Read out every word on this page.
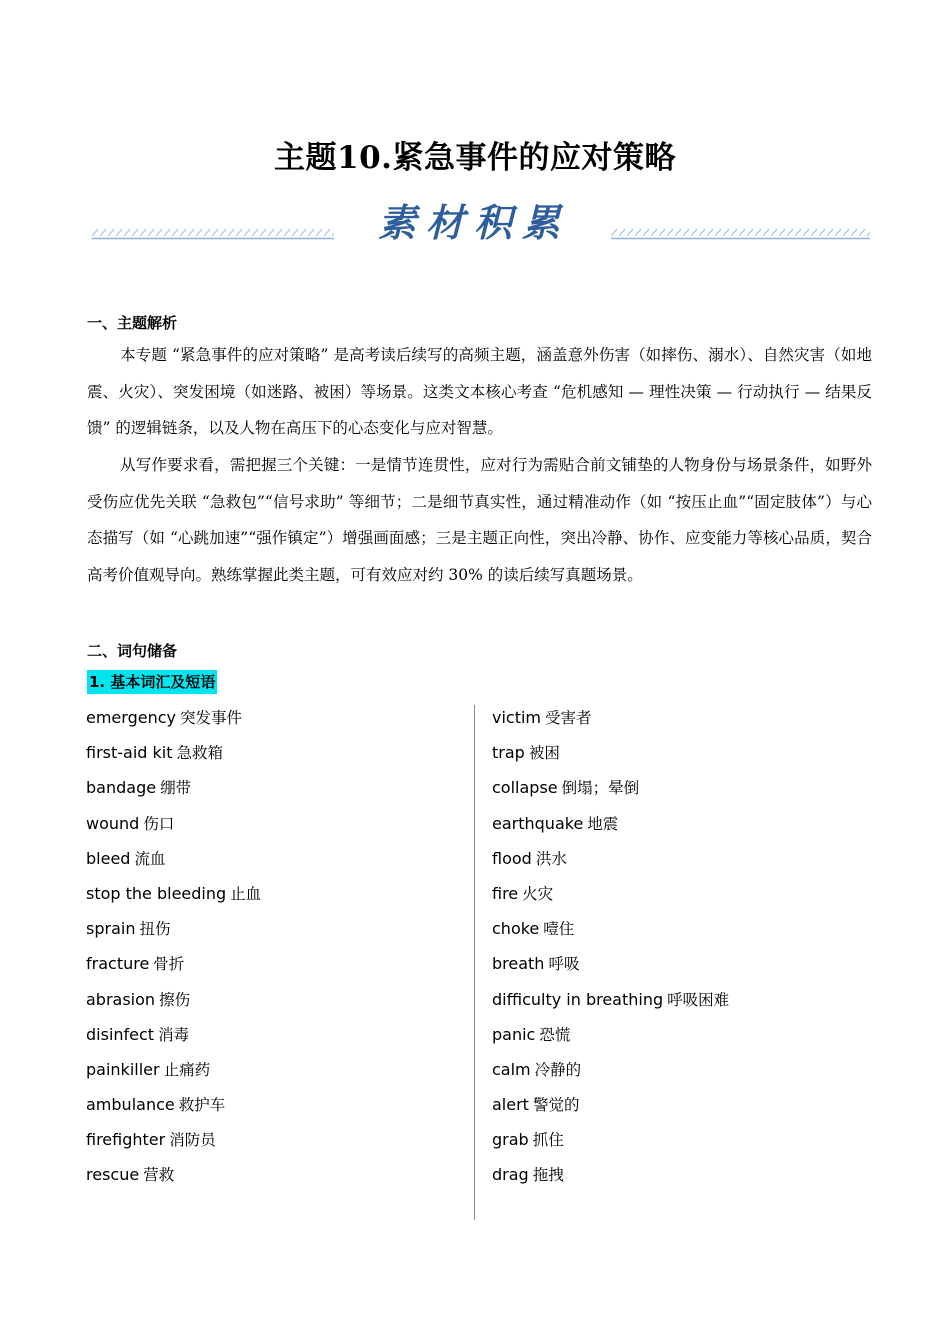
主题10.紧急事件的应对策略
素材积累
一、主题解析
本专题 “紧急事件的应对策略” 是高考读后续写的高频主题，涵盖意外伤害（如摔伤、溺水）、自然灾害（如地震、火灾）、突发困境（如迷路、被困）等场景。这类文本核心考查 “危机感知 — 理性决策 — 行动执行 — 结果反馈” 的逻辑链条，以及人物在高压下的心态变化与应对智慧。
从写作要求看，需把握三个关键：一是情节连贯性，应对行为需贴合前文铺垫的人物身份与场景条件，如野外受伤应优先关联 “急救包”“信号求助” 等细节；二是细节真实性，通过精准动作（如 “按压止血”“固定肢体”）与心态描写（如 “心跳加速”“强作镇定”）增强画面感；三是主题正向性，突出冷静、协作、应变能力等核心品质，契合高考价值观导向。熟练掌握此类主题，可有效应对约 30% 的读后续写真题场景。
二、词句储备
1. 基本词汇及短语
emergency 突发事件
first-aid kit 急救箱
bandage 绷带
wound 伤口
bleed 流血
stop the bleeding 止血
sprain 扭伤
fracture 骨折
abrasion 擦伤
disinfect 消毒
painkiller 止痛药
ambulance 救护车
firefighter 消防员
rescue 营救
victim 受害者
trap 被困
collapse 倒塌；晕倒
earthquake 地震
flood 洪水
fire 火灾
choke 噎住
breath 呼吸
difficulty in breathing 呼吸困难
panic 恐慌
calm 冷静的
alert 警觉的
grab 抓住
drag 拖拽
